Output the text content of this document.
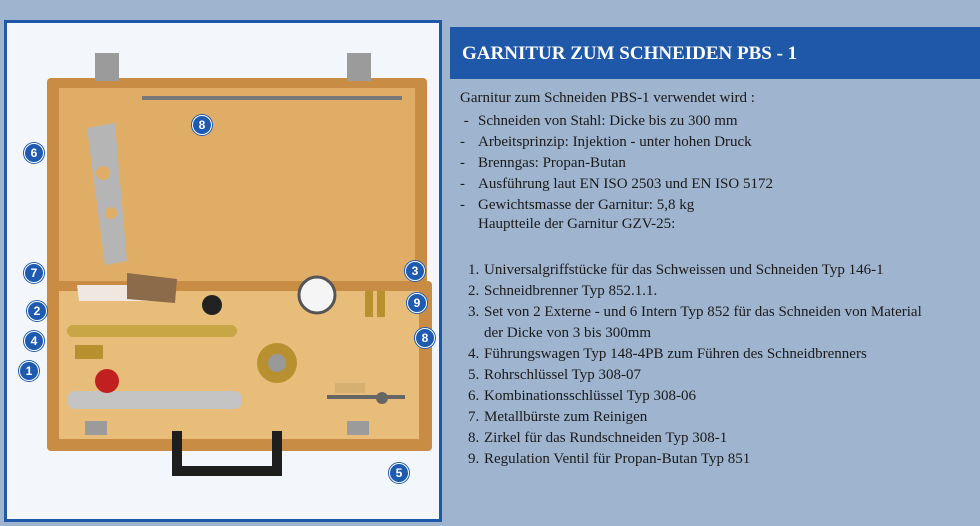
8
6
7	3
2
9
4	8
1
5
GARNITUR ZUM SCHNEIDEN PBS - 1
Garnitur zum Schneiden PBS-1 verwendet wird :
- Schneiden von Stahl: Dicke bis zu 300 mm
- Arbeitsprinzip: Injektion - unter hohen Druck
- Brenngas: Propan-Butan
- Ausführung laut EN ISO 2503 und EN ISO 5172
- Gewichtsmasse der Garnitur: 5,8 kg
Hauptteile der Garnitur GZV-25:
1. Universalgriffstücke für das Schweissen und Schneiden Typ 146-1
2. Schneidbrenner Typ 852.1.1.
3. Set von 2 Externe - und 6 Intern Typ 852 für das Schneiden von Material der Dicke von 3 bis 300mm
4. Führungswagen Typ 148-4PB zum Führen des Schneidbrenners
5. Rohrschlüssel Typ 308-07
6. Kombinationsschlüssel Typ 308-06
7. Metallbürste zum Reinigen
8. Zirkel für das Rundschneiden Typ 308-1
9. Regulation Ventil für Propan-Butan Typ 851
